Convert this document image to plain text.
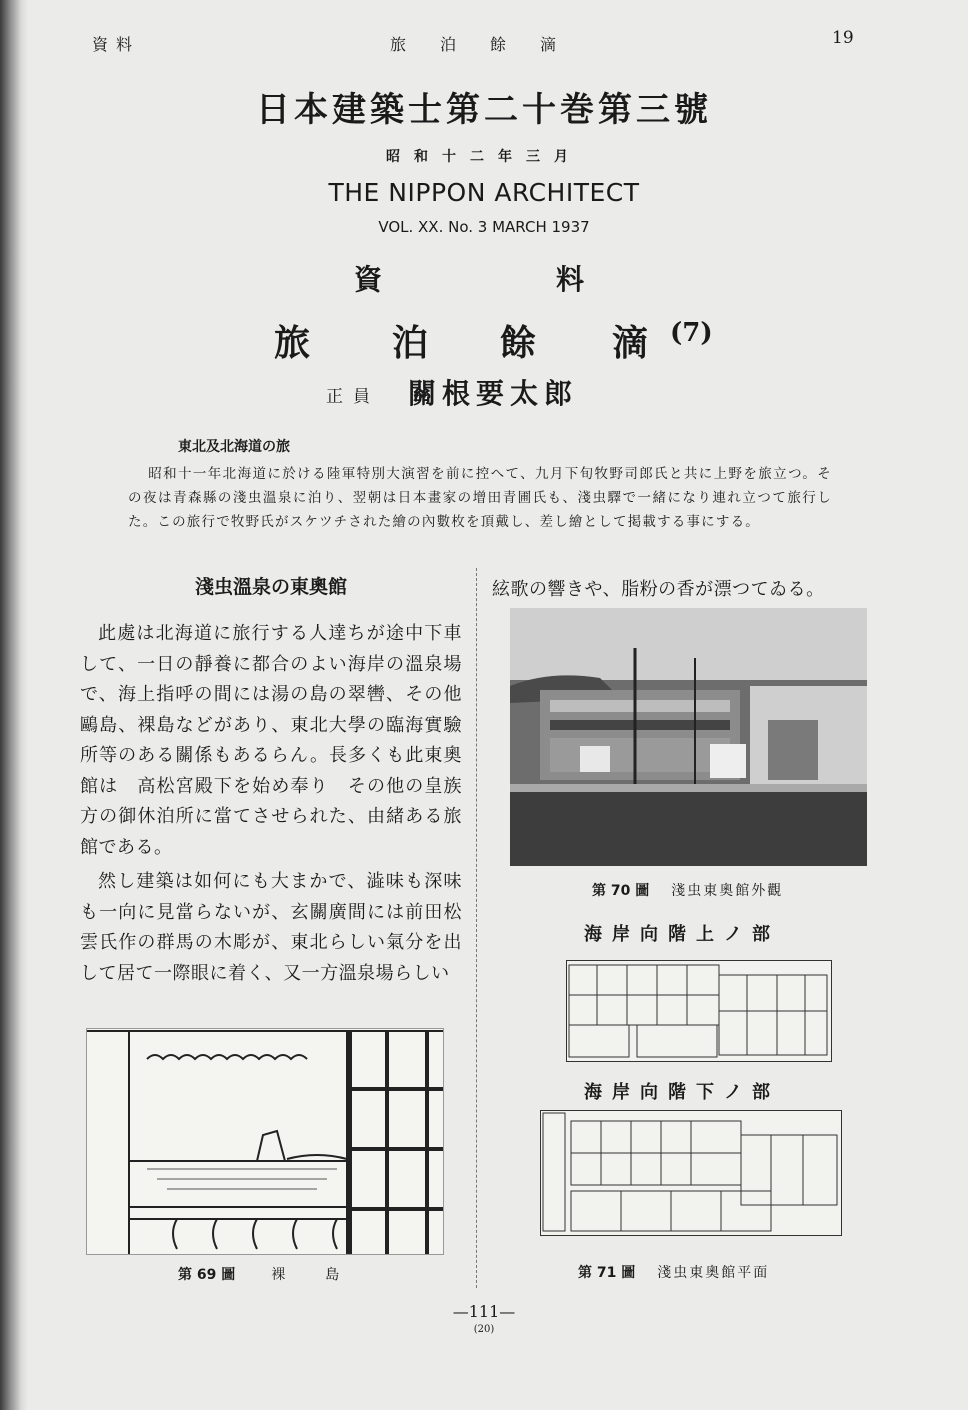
資料	旅泊餘滴	19
日本建築士第二十巻第三號
昭和十二年三月
THE NIPPON ARCHITECT
VOL. XX. No. 3 MARCH 1937
資	料
旅 泊 餘 滴 (7)
正員 關根要太郎
東北及北海道の旅

昭和十一年北海道に於ける陸軍特別大演習を前に控へて、九月下旬牧野司郎氏と共に上野を旅立つ。その夜は青森縣の淺虫溫泉に泊り、翌朝は日本畫家の增田青圃氏も、淺虫驛で一緒になり連れ立つて旅行した。この旅行で牧野氏がスケツチされた繪の內數枚を頂戴し、差し繪として掲載する事にする。

淺虫溫泉の東奧館

此處は北海道に旅行する人達ちが途中下車して、一日の靜養に都合のよい海岸の溫泉場で、海上指呼の間には湯の島の翠轡、その他鷗島、裸島などがあり、東北大學の臨海實驗所等のある關係もあるらん。長多くも此東奧館は　高松宮殿下を始め奉り　その他の皇族方の御休泊所に當てさせられた、由緒ある旅館である。

然し建築は如何にも大まかで、澁味も深味も一向に見當らないが、玄關廣間には前田松雲氏作の群馬の木彫が、東北らしい氣分を出して居て一際眼に着く、又一方溫泉場らしい

絃歌の響きや、脂粉の香が漂つてゐる。
第 70 圖 淺虫東奧館外觀
海岸向階上ノ部
海岸向階下ノ部
第 71 圖 淺虫東奧館平面
第 69 圖	裸島
—111—
(20)
